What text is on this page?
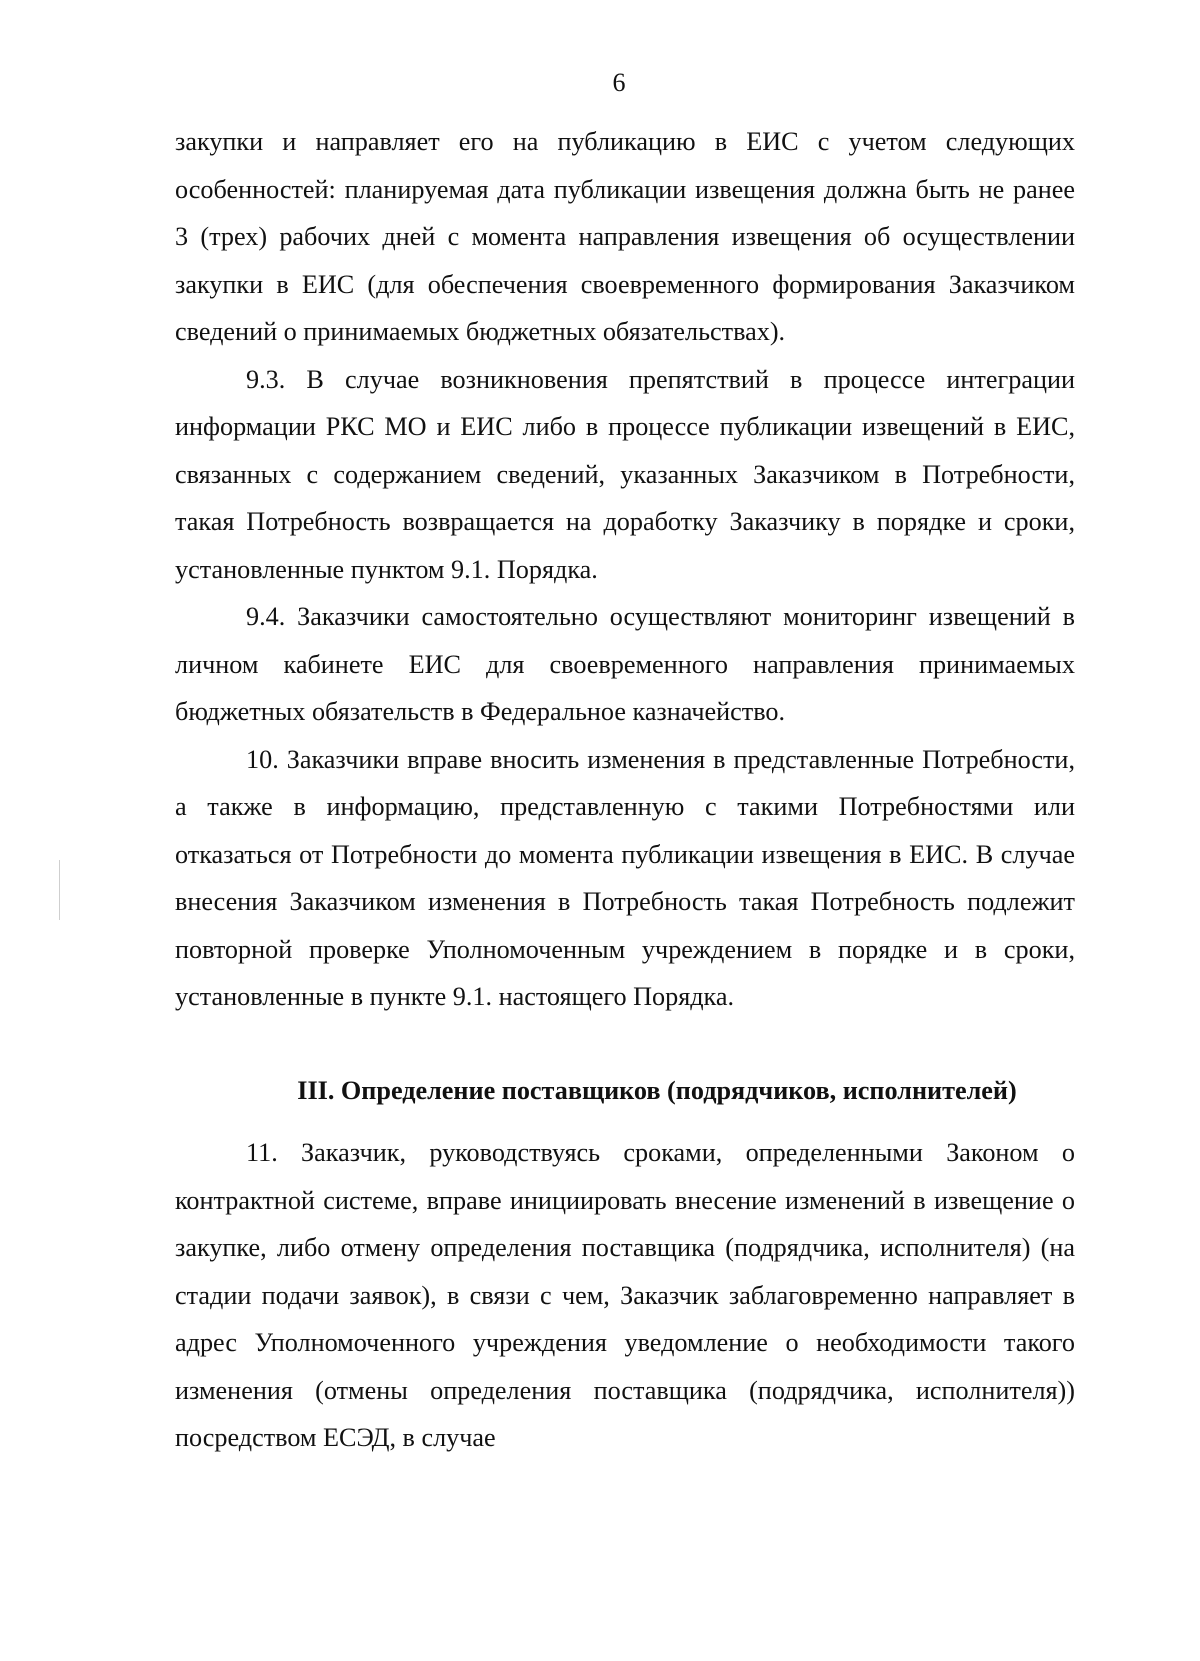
6

закупки и направляет его на публикацию в ЕИС с учетом следующих особенностей: планируемая дата публикации извещения должна быть не ранее 3 (трех) рабочих дней с момента направления извещения об осуществлении закупки в ЕИС (для обеспечения своевременного формирования Заказчиком сведений о принимаемых бюджетных обязательствах).

9.3. В случае возникновения препятствий в процессе интеграции информации РКС МО и ЕИС либо в процессе публикации извещений в ЕИС, связанных с содержанием сведений, указанных Заказчиком в Потребности, такая Потребность возвращается на доработку Заказчику в порядке и сроки, установленные пунктом 9.1. Порядка.

9.4. Заказчики самостоятельно осуществляют мониторинг извещений в личном кабинете ЕИС для своевременного направления принимаемых бюджетных обязательств в Федеральное казначейство.

10. Заказчики вправе вносить изменения в представленные Потребности, а также в информацию, представленную с такими Потребностями или отказаться от Потребности до момента публикации извещения в ЕИС. В случае внесения Заказчиком изменения в Потребность такая Потребность подлежит повторной проверке Уполномоченным учреждением в порядке и в сроки, установленные в пункте 9.1. настоящего Порядка.

III. Определение поставщиков (подрядчиков, исполнителей)

11. Заказчик, руководствуясь сроками, определенными Законом о контрактной системе, вправе инициировать внесение изменений в извещение о закупке, либо отмену определения поставщика (подрядчика, исполнителя) (на стадии подачи заявок), в связи с чем, Заказчик заблаговременно направляет в адрес Уполномоченного учреждения уведомление о необходимости такого изменения (отмены определения поставщика (подрядчика, исполнителя)) посредством ЕСЭД, в случае
